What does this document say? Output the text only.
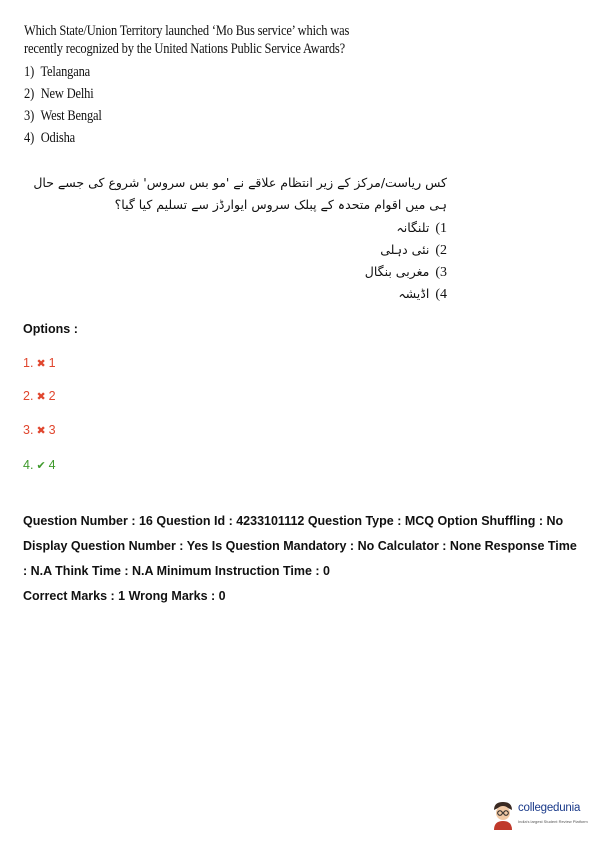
Which State/Union Territory launched ‘Mo Bus service’ which was recently recognized by the United Nations Public Service Awards?

1) Telangana
2) New Delhi
3) West Bengal
4) Odisha

کس ریاست/مرکز کے زیر انتظام علاقے نے 'مو بس سروس' شروع کی جسے حال ہی میں اقوام متحدہ کے پبلک سروس ایوارڈز سے تسلیم کیا گیا؟

1)تلنگانہ
2)نئی دہلی
3)مغربی بنگال
4)اڈیشہ
Options :
1. ✖ 1
2. ✖ 2
3. ✖ 3
4. ✔ 4
Question Number : 16 Question Id : 4233101112 Question Type : MCQ Option Shuffling : No
Display Question Number : Yes Is Question Mandatory : No Calculator : None Response Time
: N.A Think Time : N.A Minimum Instruction Time : 0
Correct Marks : 1 Wrong Marks : 0
collegedunia
India's largest Student Review Platform
